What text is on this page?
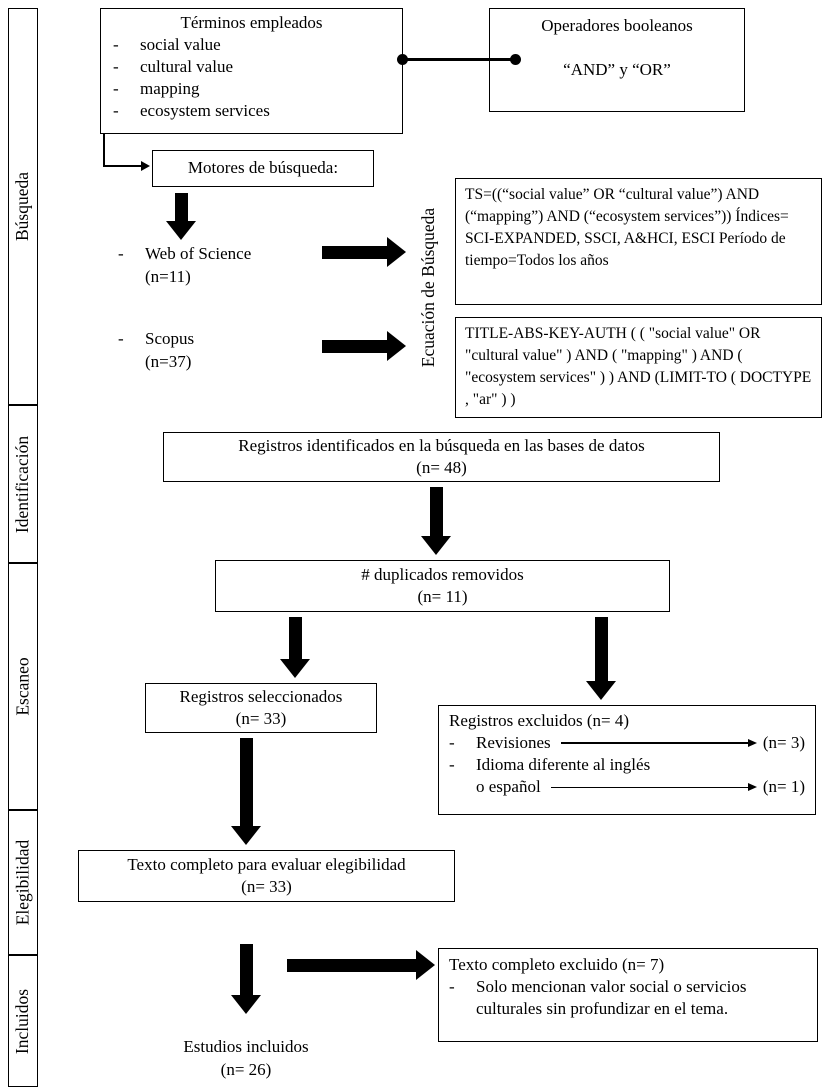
Búsqueda
Identificación
Escaneo
Elegibilidad
Incluidos
Términos empleados
-	social value
-	cultural value
-	mapping
-	ecosystem services
Operadores booleanos
“AND” y “OR”
Motores de búsqueda:
-	Web of Science
(n=11)
-	Scopus
(n=37)	Ecuación de Búsqueda
TS=((“social value” OR “cultural value”) AND (“mapping”) AND (“ecosystem services”)) Índices= SCI-EXPANDED, SSCI, A&HCI, ESCI Período de tiempo=Todos los años
TITLE-ABS-KEY-AUTH ( ( "social value" OR "cultural value" ) AND ( "mapping" ) AND ( "ecosystem services" ) ) AND (LIMIT-TO ( DOCTYPE , "ar" ) )
Registros identificados en la búsqueda en las bases de datos
(n= 48)
# duplicados removidos
(n= 11)
Registros seleccionados
(n= 33)	Registros excluidos (n= 4)
-	Revisiones	(n= 3)
-	Idioma diferente al inglés
o español	(n= 1)
Texto completo para evaluar elegibilidad
(n= 33)
Texto completo excluido (n= 7)
-	Solo mencionan valor social o servicios
culturales sin profundizar en el tema.
Estudios incluidos
(n= 26)
